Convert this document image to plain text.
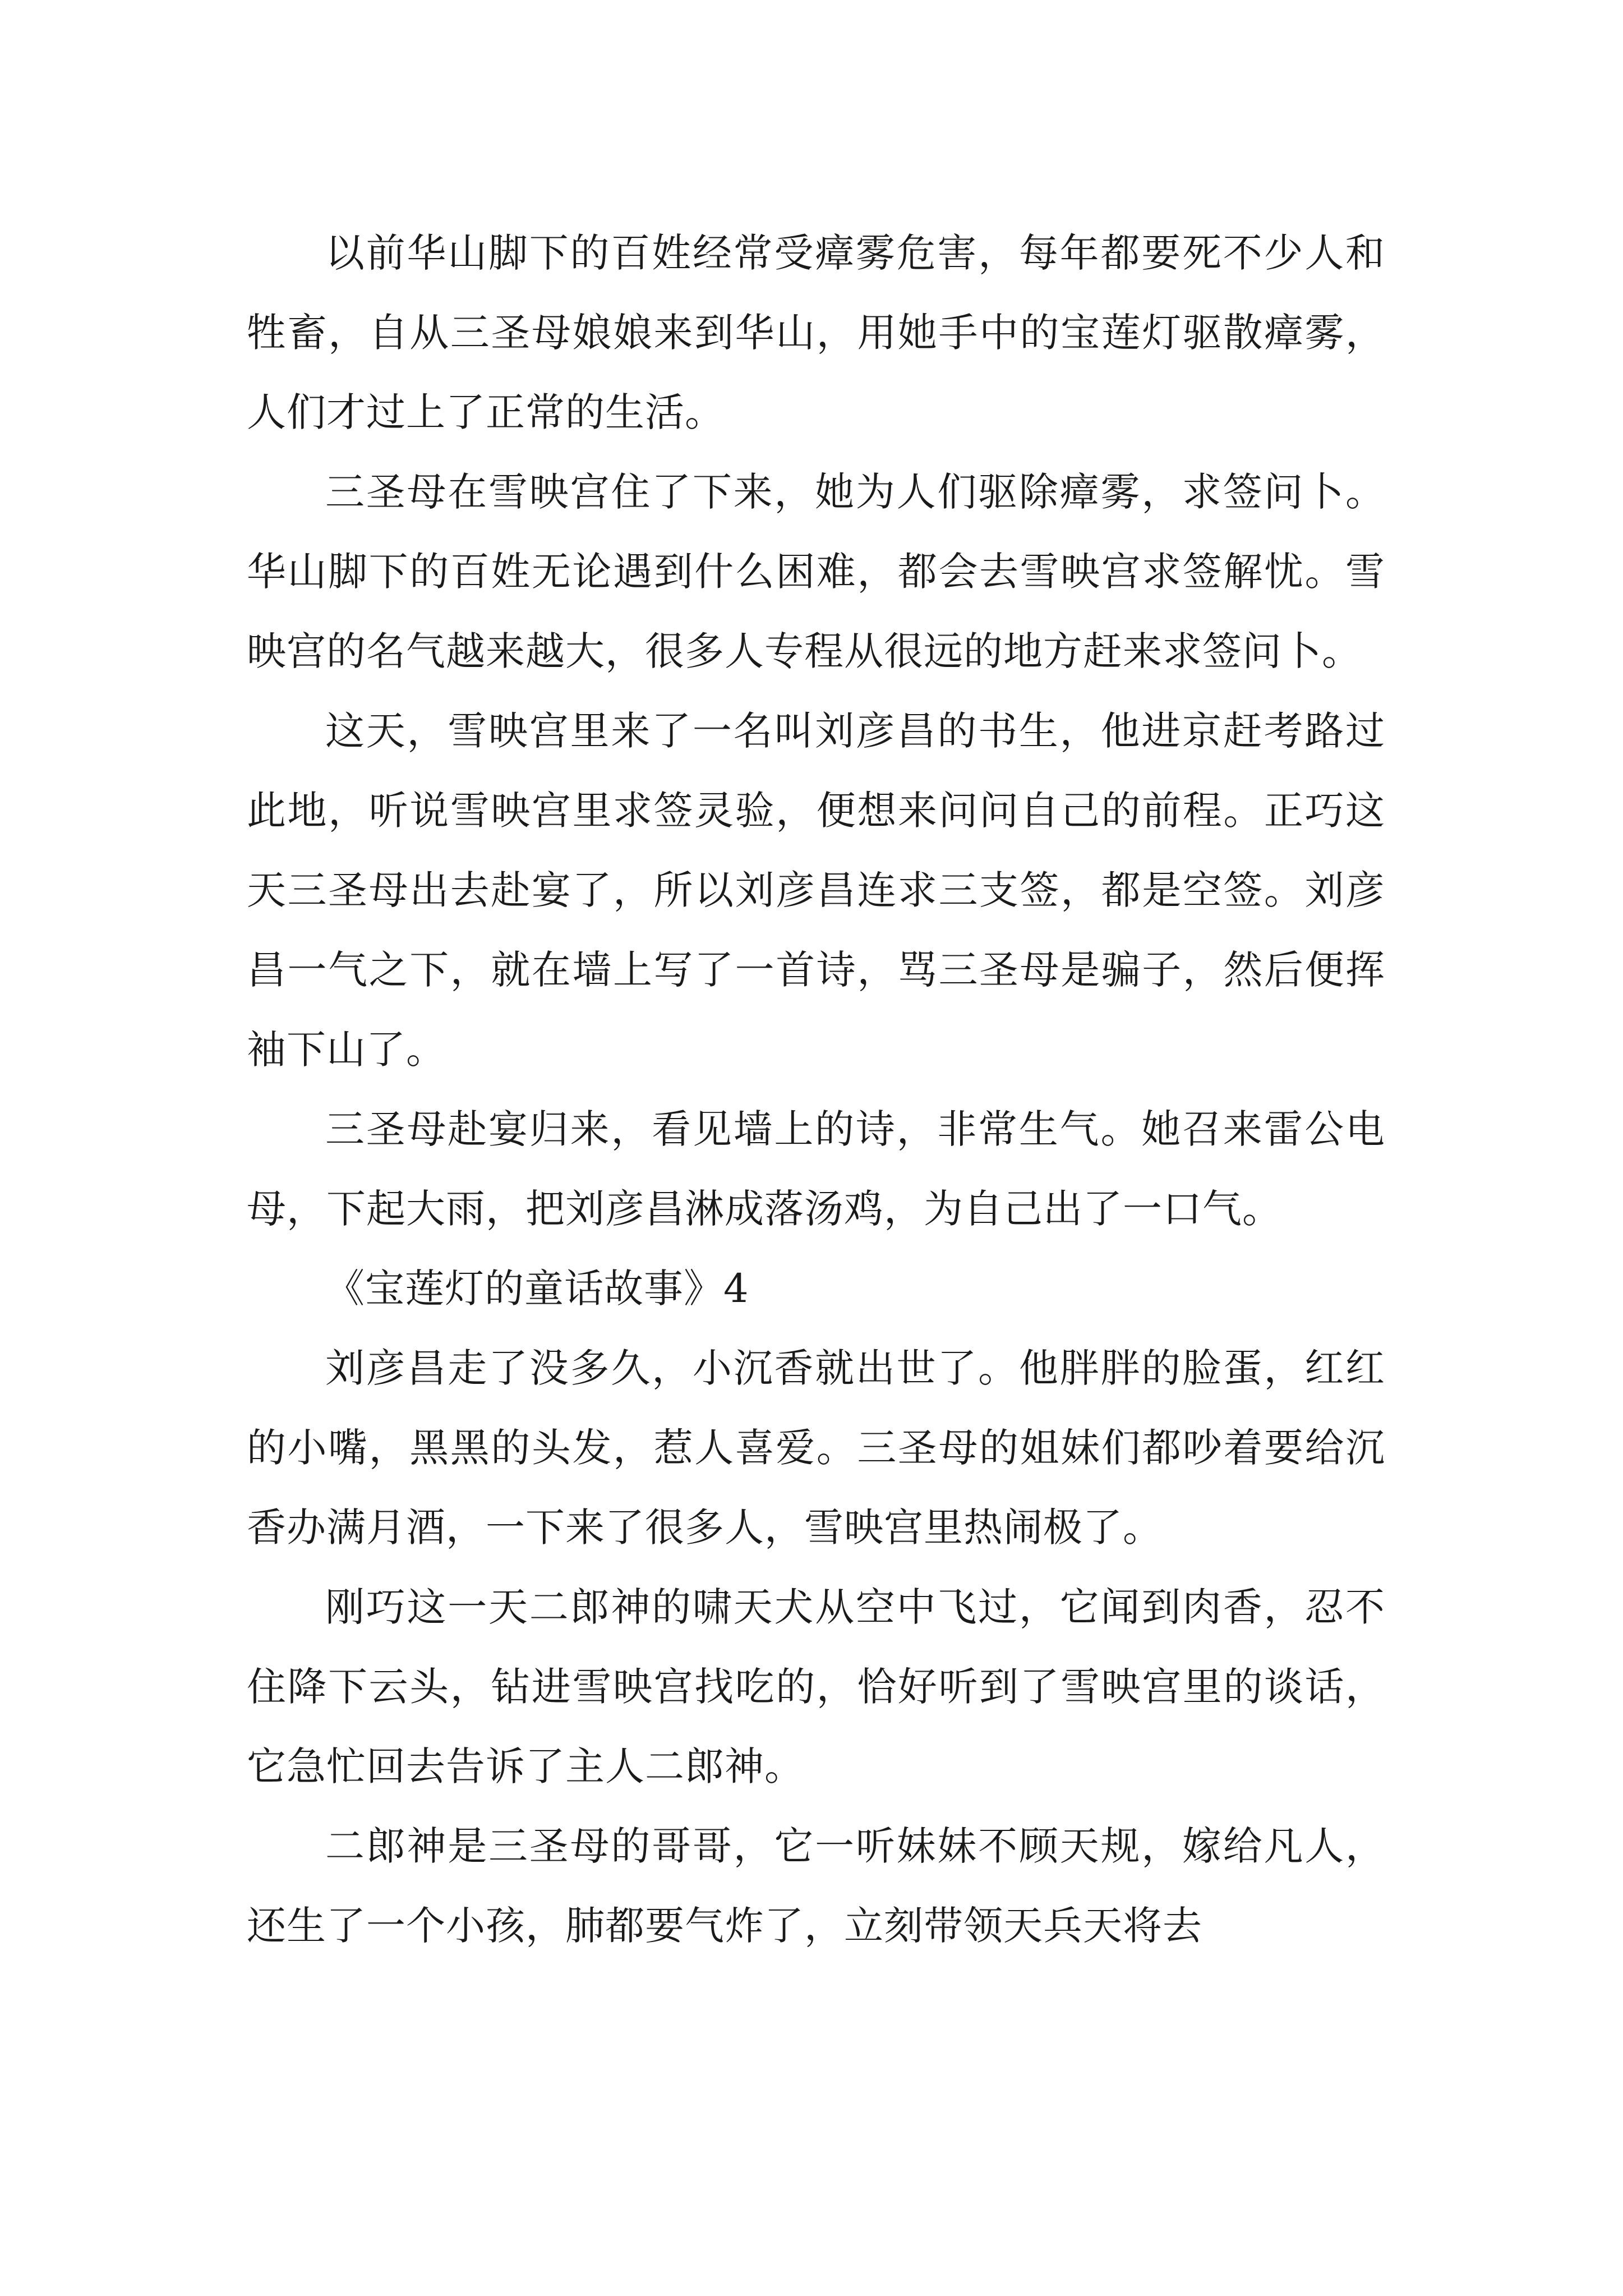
以前华山脚下的百姓经常受瘴雾危害，每年都要死不少人和牲畜，自从三圣母娘娘来到华山，用她手中的宝莲灯驱散瘴雾，人们才过上了正常的生活。

三圣母在雪映宫住了下来，她为人们驱除瘴雾，求签问卜。华山脚下的百姓无论遇到什么困难，都会去雪映宫求签解忧。雪映宫的名气越来越大，很多人专程从很远的地方赶来求签问卜。

这天，雪映宫里来了一名叫刘彦昌的书生，他进京赶考路过此地，听说雪映宫里求签灵验，便想来问问自己的前程。正巧这天三圣母出去赴宴了，所以刘彦昌连求三支签，都是空签。刘彦昌一气之下，就在墙上写了一首诗，骂三圣母是骗子，然后便挥袖下山了。

三圣母赴宴归来，看见墙上的诗，非常生气。她召来雷公电母，下起大雨，把刘彦昌淋成落汤鸡，为自己出了一口气。

《宝莲灯的童话故事》4

刘彦昌走了没多久，小沉香就出世了。他胖胖的脸蛋，红红的小嘴，黑黑的头发，惹人喜爱。三圣母的姐妹们都吵着要给沉香办满月酒，一下来了很多人，雪映宫里热闹极了。

刚巧这一天二郎神的啸天犬从空中飞过，它闻到肉香，忍不住降下云头，钻进雪映宫找吃的，恰好听到了雪映宫里的谈话，它急忙回去告诉了主人二郎神。

二郎神是三圣母的哥哥，它一听妹妹不顾天规，嫁给凡人，还生了一个小孩，肺都要气炸了，立刻带领天兵天将去
